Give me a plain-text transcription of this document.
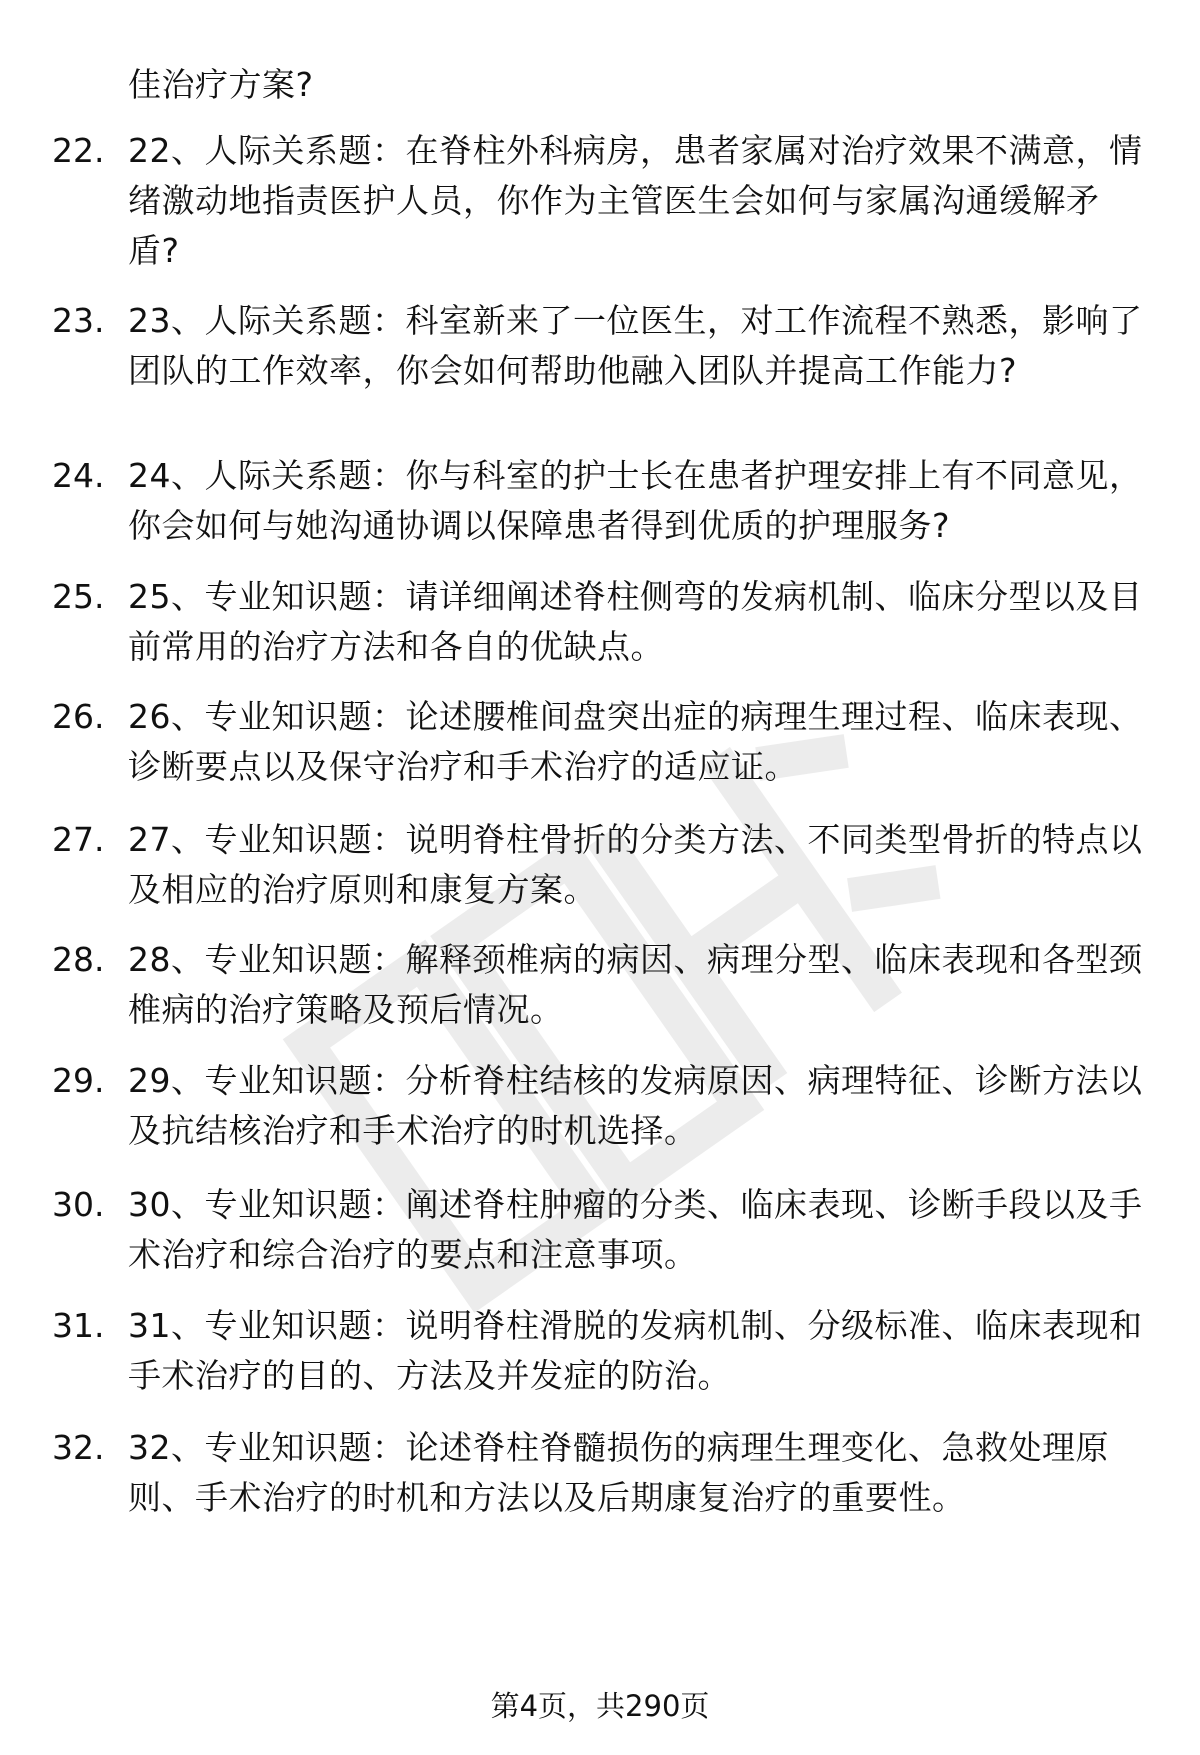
佳治疗方案?
22. 22、人际关系题：在脊柱外科病房，患者家属对治疗效果不满意，情绪激动地指责医护人员，你作为主管医生会如何与家属沟通缓解矛盾?
23. 23、人际关系题：科室新来了一位医生，对工作流程不熟悉，影响了团队的工作效率，你会如何帮助他融入团队并提高工作能力?
24. 24、人际关系题：你与科室的护士长在患者护理安排上有不同意见，你会如何与她沟通协调以保障患者得到优质的护理服务?
25. 25、专业知识题：请详细阐述脊柱侧弯的发病机制、临床分型以及目前常用的治疗方法和各自的优缺点。
26. 26、专业知识题：论述腰椎间盘突出症的病理生理过程、临床表现、诊断要点以及保守治疗和手术治疗的适应证。
27. 27、专业知识题：说明脊柱骨折的分类方法、不同类型骨折的特点以及相应的治疗原则和康复方案。
28. 28、专业知识题：解释颈椎病的病因、病理分型、临床表现和各型颈椎病的治疗策略及预后情况。
29. 29、专业知识题：分析脊柱结核的发病原因、病理特征、诊断方法以及抗结核治疗和手术治疗的时机选择。
30. 30、专业知识题：阐述脊柱肿瘤的分类、临床表现、诊断手段以及手术治疗和综合治疗的要点和注意事项。
31. 31、专业知识题：说明脊柱滑脱的发病机制、分级标准、临床表现和手术治疗的目的、方法及并发症的防治。
32. 32、专业知识题：论述脊柱脊髓损伤的病理生理变化、急救处理原则、手术治疗的时机和方法以及后期康复治疗的重要性。
第4页，共290页
